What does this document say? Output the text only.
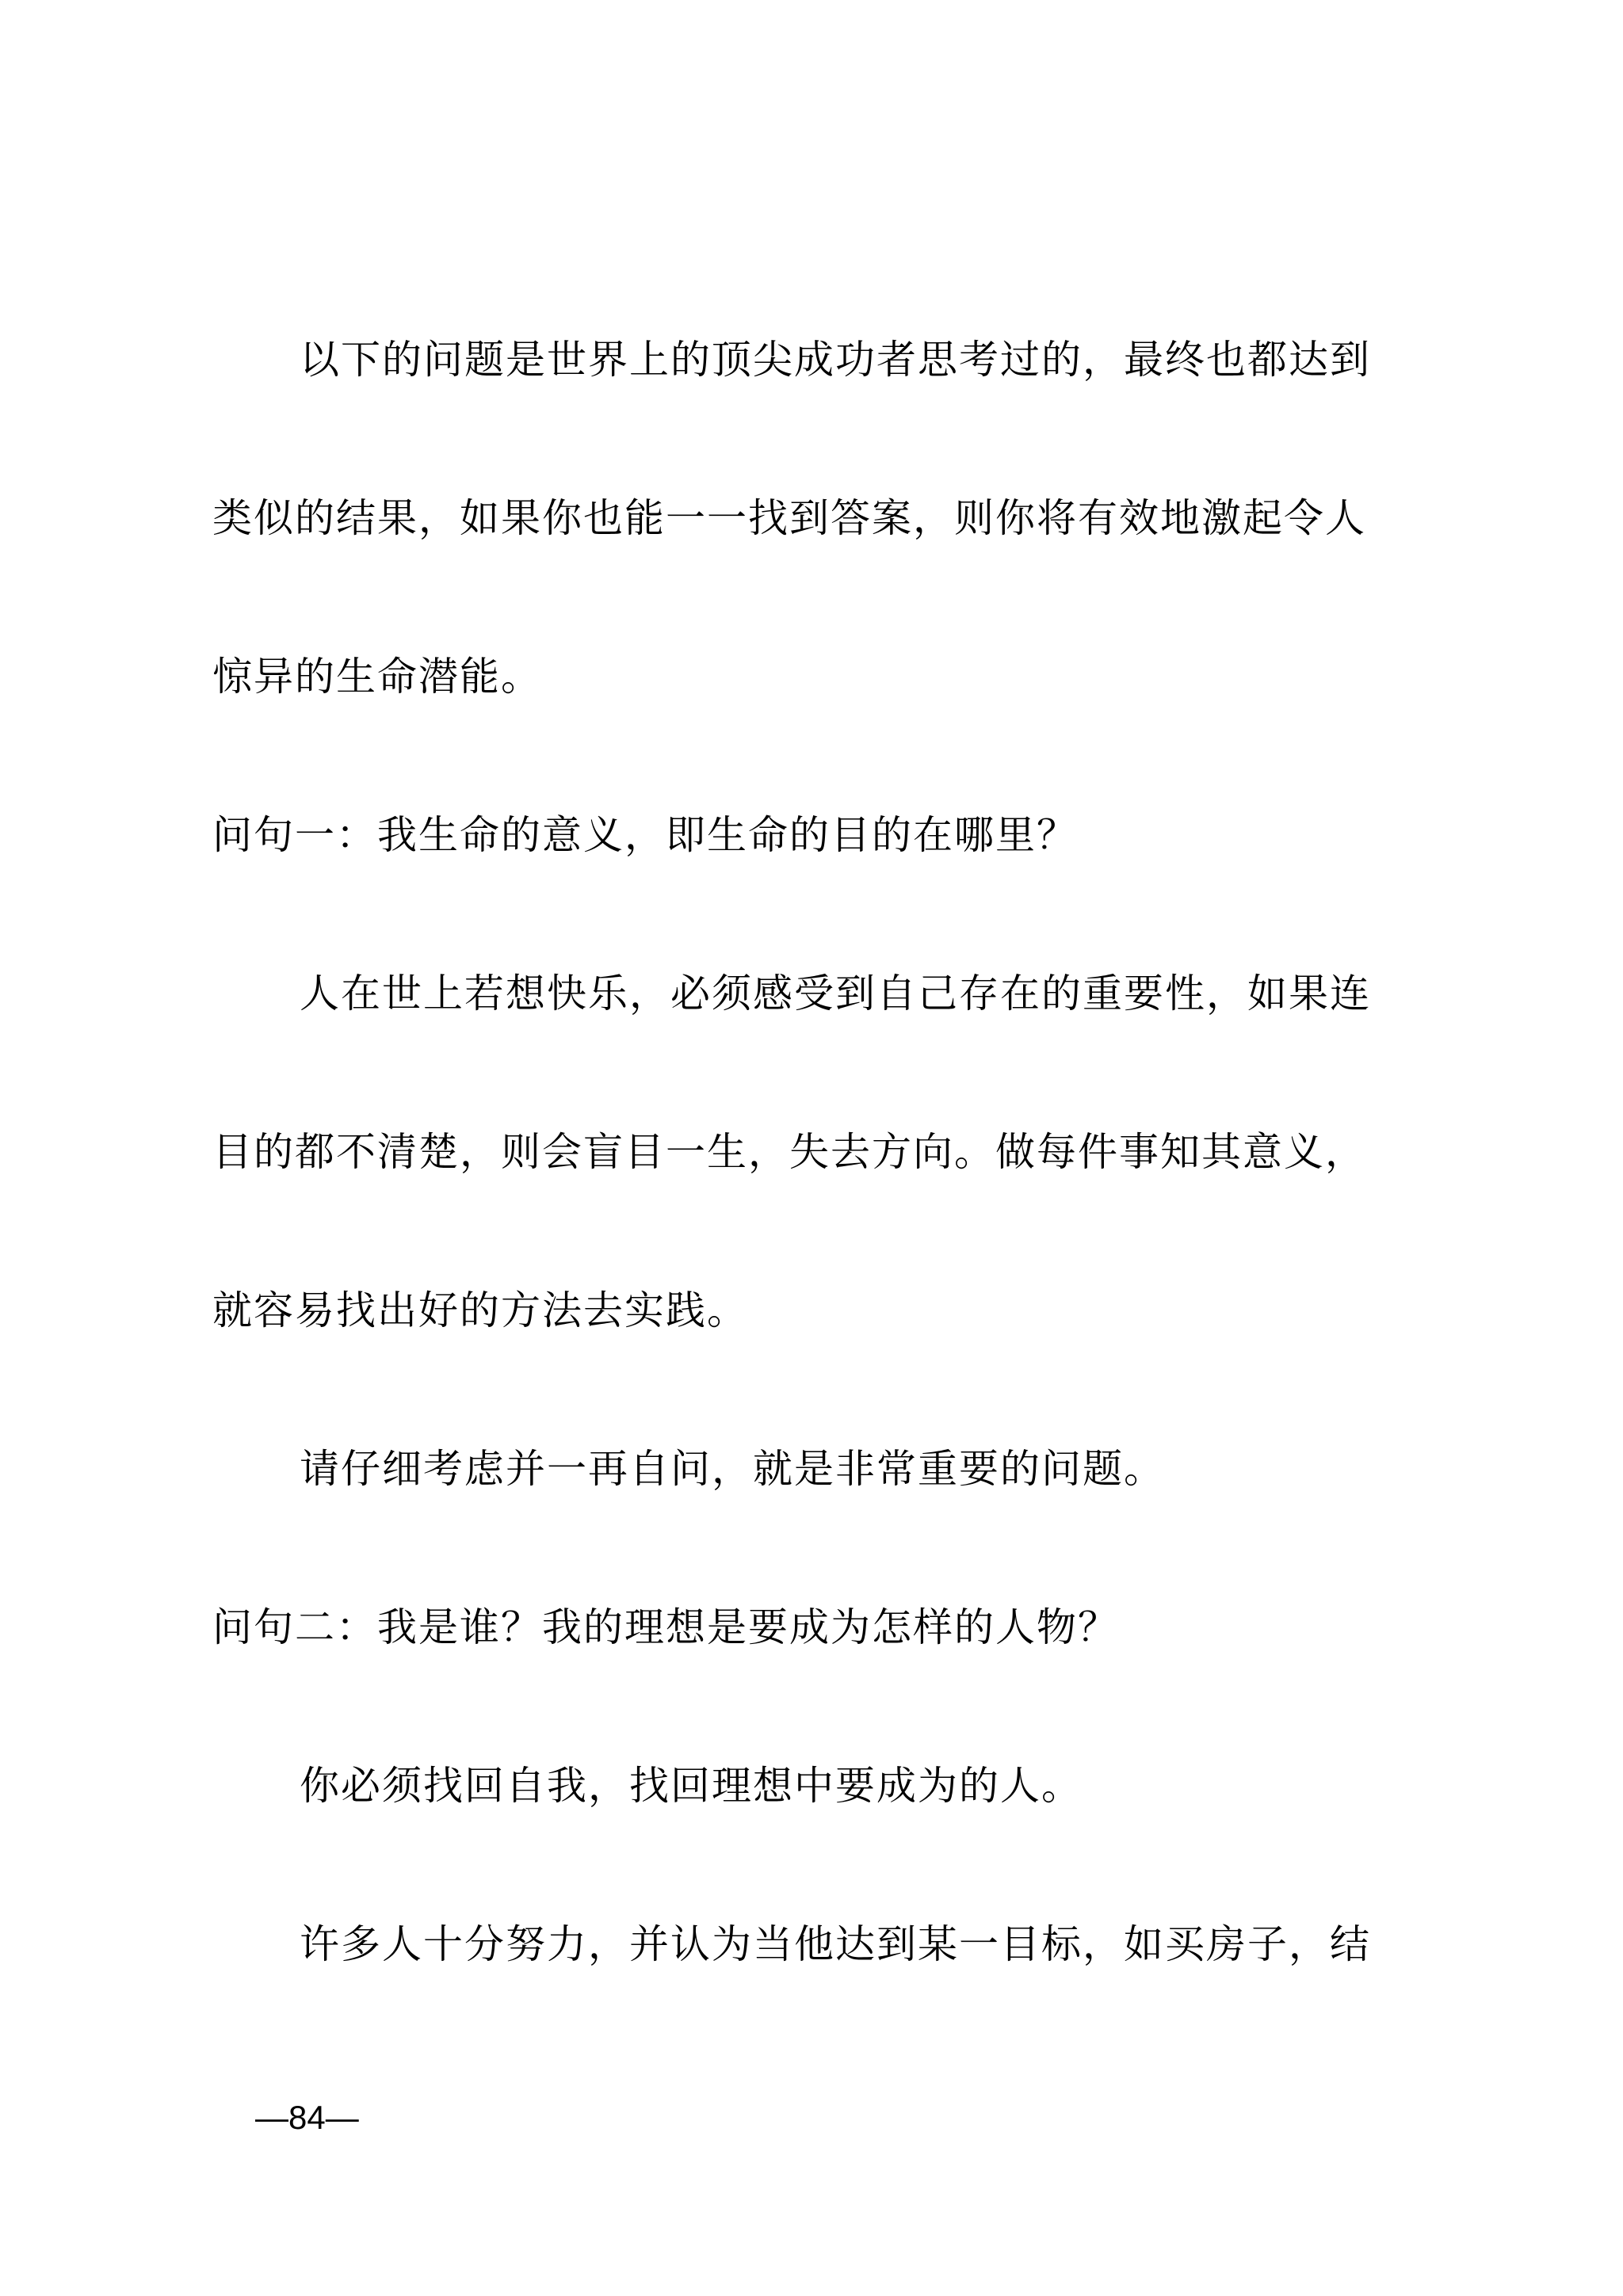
以下的问题是世界上的顶尖成功者思考过的，最终也都达到
类似的结果，如果你也能一一找到答案，则你将有效地激起令人
惊异的生命潜能。
问句一：我生命的意义，即生命的目的在哪里？
人在世上若想快乐，必须感受到自己存在的重要性，如果连
目的都不清楚，则会盲目一生，失去方向。做每件事知其意义，
就容易找出好的方法去实践。
请仔细考虑并一再自问，就是非常重要的问题。
问句二：我是谁？我的理想是要成为怎样的人物？
你必须找回自我，找回理想中要成为的人。
许多人十分努力，并认为当他达到某一目标，如买房子，结
—84—
